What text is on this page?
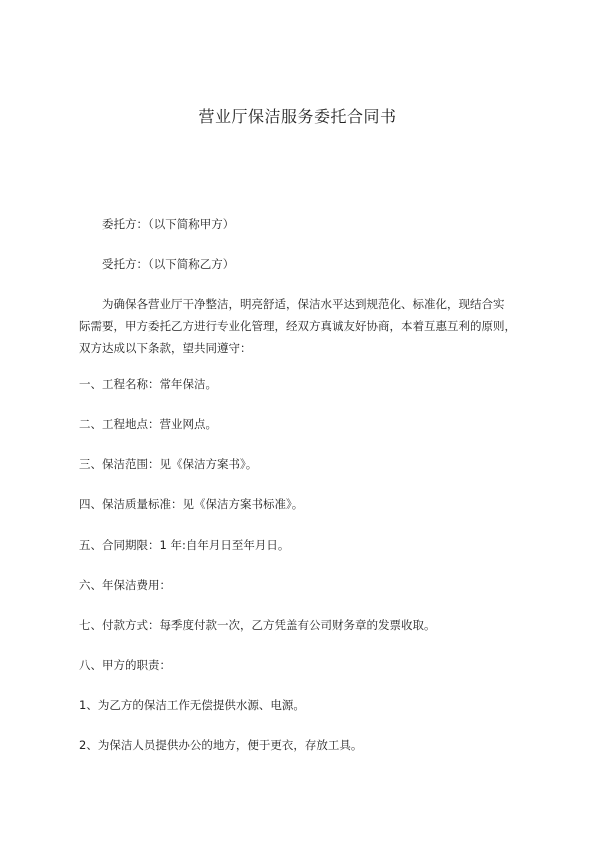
营业厅保洁服务委托合同书
委托方：（以下简称甲方）
受托方：（以下简称乙方）
为确保各营业厅干净整洁，明亮舒适，保洁水平达到规范化、标准化，现结合实
际需要，甲方委托乙方进行专业化管理，经双方真诚友好协商，本着互惠互利的原则，
双方达成以下条款，望共同遵守：
一、工程名称：常年保洁。
二、工程地点：营业网点。
三、保洁范围：见《保洁方案书》。
四、保洁质量标准：见《保洁方案书标准》。
五、合同期限：1 年:自年月日至年月日。
六、年保洁费用：
七、付款方式：每季度付款一次，乙方凭盖有公司财务章的发票收取。
八、甲方的职责：
1、为乙方的保洁工作无偿提供水源、电源。
2、为保洁人员提供办公的地方，便于更衣，存放工具。
